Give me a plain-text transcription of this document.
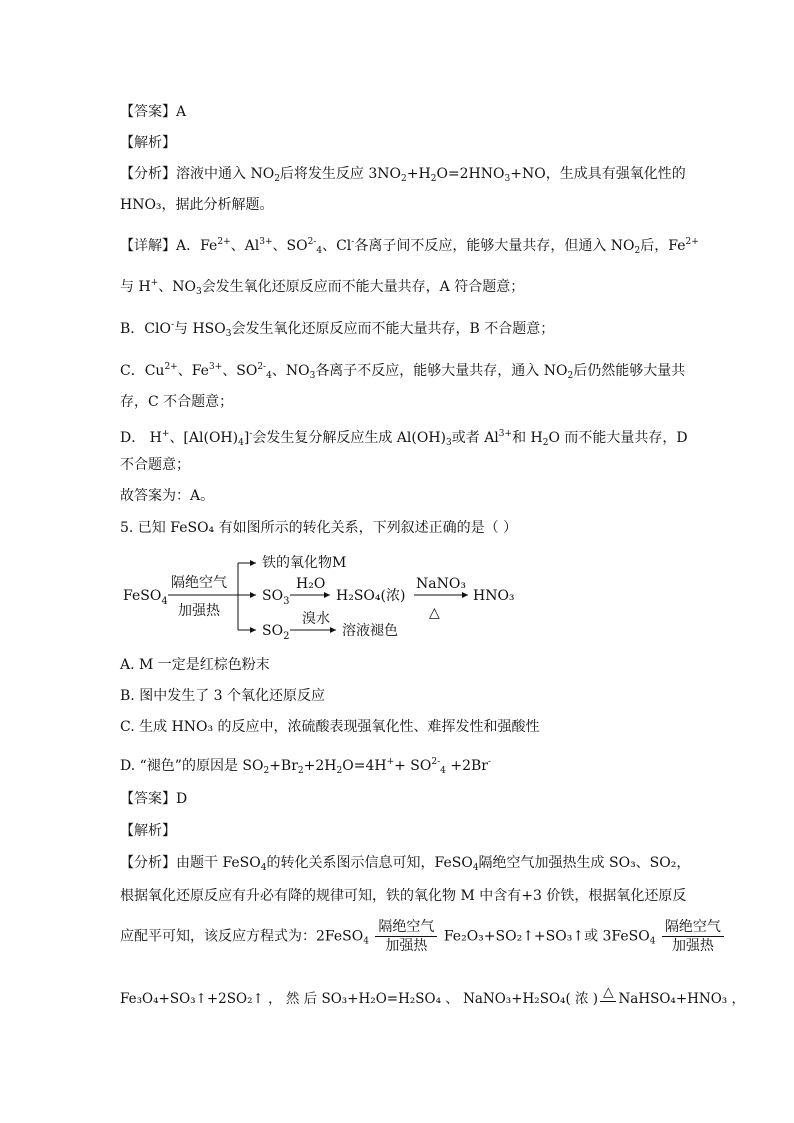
【答案】A
【解析】
【分析】溶液中通入 $NO_2$后将发生反应 $3NO_2+H_2O=2HNO_3+NO$，生成具有强氧化性的
HNO₃，据此分析解题。
【详解】A．$Fe^{2+}$、$Al^{3+}$、$SO^{2-}_4$、Cl-各离子间不反应，能够大量共存，但通入 $NO_2$后，$Fe^{2+}$
与 H+、$NO_3$会发生氧化还原反应而不能大量共存，A 符合题意；
B．ClO-与 $HSO_3$会发生氧化还原反应而不能大量共存，B 不合题意；
C．$Cu^{2+}$、$Fe^{3+}$、$SO^{2-}_4$、$NO_3$各离子不反应，能够大量共存，通入 $NO_2$后仍然能够大量共
存，C 不合题意；
D． H+、$[Al(OH)_4]^-$会发生复分解反应生成 $Al(OH)_3$或者 $Al^{3+}$和 $H_2O$ 而不能大量共存，D
不合题意；
故答案为：A。
5. 已知 FeSO₄ 有如图所示的转化关系，下列叙述正确的是（ ）
FeSO$_4$
隔绝空气
加强热
铁的氧化物M
$SO_3$
H₂O
H₂SO₄(浓)
NaNO₃
△
HNO₃
$SO_2$
溴水
溶液褪色
A. M 一定是红棕色粉末
B. 图中发生了 3 个氧化还原反应
C. 生成 HNO₃ 的反应中，浓硫酸表现强氧化性、难挥发性和强酸性
D. “褪色”的原因是 $SO_2+Br_2+2H_2O=4H^++ SO^{2-}_4 +2Br^-$
【答案】D
【解析】
【分析】由题干 FeSO$_4$的转化关系图示信息可知，FeSO$_4$隔绝空气加强热生成 SO₃、SO₂，
根据氧化还原反应有升必有降的规律可知，铁的氧化物 M 中含有+3 价铁，根据氧化还原反
应配平可知，该反应方程式为：2FeSO$_4$ $\frac{\text{隔绝空气}}{\text{加强热}}$ Fe₂O₃+SO₂↑+SO₃↑或 3FeSO$_4$ $\frac{\text{隔绝空气}}{\text{加强热}}$
Fe₃O₄+SO₃↑+2SO₂↑ ， 然 后 SO₃+H₂O=H₂SO₄ 、 NaNO₃+H₂SO₄( 浓 ) △ NaHSO₄+HNO₃ ，
